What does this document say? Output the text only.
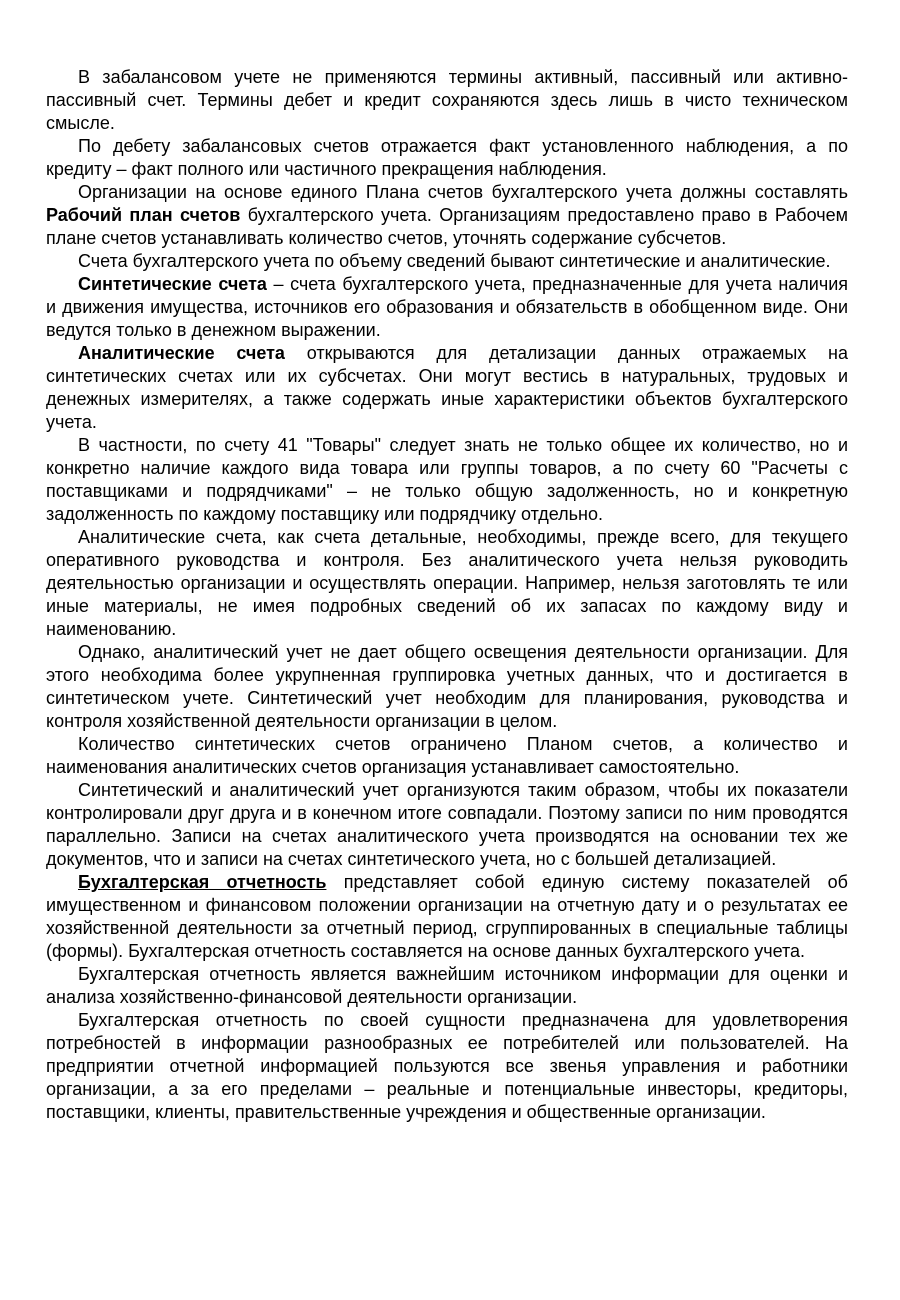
В забалансовом учете не применяются термины активный, пассивный или активно-пассивный счет. Термины дебет и кредит сохраняются здесь лишь в чисто техническом смысле.

По дебету забалансовых счетов отражается факт установленного наблюдения, а по кредиту – факт полного или частичного прекращения наблюдения.

Организации на основе единого Плана счетов бухгалтерского учета должны составлять Рабочий план счетов бухгалтерского учета. Организациям предоставлено право в Рабочем плане счетов устанавливать количество счетов, уточнять содержание субсчетов.

Счета бухгалтерского учета по объему сведений бывают синтетические и аналитические.

Синтетические счета – счета бухгалтерского учета, предназначенные для учета наличия и движения имущества, источников его образования и обязательств в обобщенном виде. Они ведутся только в денежном выражении.

Аналитические счета открываются для детализации данных отражаемых на синтетических счетах или их субсчетах. Они могут вестись в натуральных, трудовых и денежных измерителях, а также содержать иные характеристики объектов бухгалтерского учета.

В частности, по счету 41 "Товары" следует знать не только общее их количество, но и конкретно наличие каждого вида товара или группы товаров, а по счету 60 "Расчеты с поставщиками и подрядчиками" – не только общую задолженность, но и конкретную задолженность по каждому поставщику или подрядчику отдельно.

Аналитические счета, как счета детальные, необходимы, прежде всего, для текущего оперативного руководства и контроля. Без аналитического учета нельзя руководить деятельностью организации и осуществлять операции. Например, нельзя заготовлять те или иные материалы, не имея подробных сведений об их запасах по каждому виду и наименованию.

Однако, аналитический учет не дает общего освещения деятельности организации. Для этого необходима более укрупненная группировка учетных данных, что и достигается в синтетическом учете. Синтетический учет необходим для планирования, руководства и контроля хозяйственной деятельности организации в целом.

Количество синтетических счетов ограничено Планом счетов, а количество и наименования аналитических счетов организация устанавливает самостоятельно.

Синтетический и аналитический учет организуются таким образом, чтобы их показатели контролировали друг друга и в конечном итоге совпадали. Поэтому записи по ним проводятся параллельно. Записи на счетах аналитического учета производятся на основании тех же документов, что и записи на счетах синтетического учета, но с большей детализацией.

Бухгалтерская отчетность представляет собой единую систему показателей об имущественном и финансовом положении организации на отчетную дату и о результатах ее хозяйственной деятельности за отчетный период, сгруппированных в специальные таблицы (формы). Бухгалтерская отчетность составляется на основе данных бухгалтерского учета.

Бухгалтерская отчетность является важнейшим источником информации для оценки и анализа хозяйственно-финансовой деятельности организации.

Бухгалтерская отчетность по своей сущности предназначена для удовлетворения потребностей в информации разнообразных ее потребителей или пользователей. На предприятии отчетной информацией пользуются все звенья управления и работники организации, а за его пределами – реальные и потенциальные инвесторы, кредиторы, поставщики, клиенты, правительственные учреждения и общественные организации.
